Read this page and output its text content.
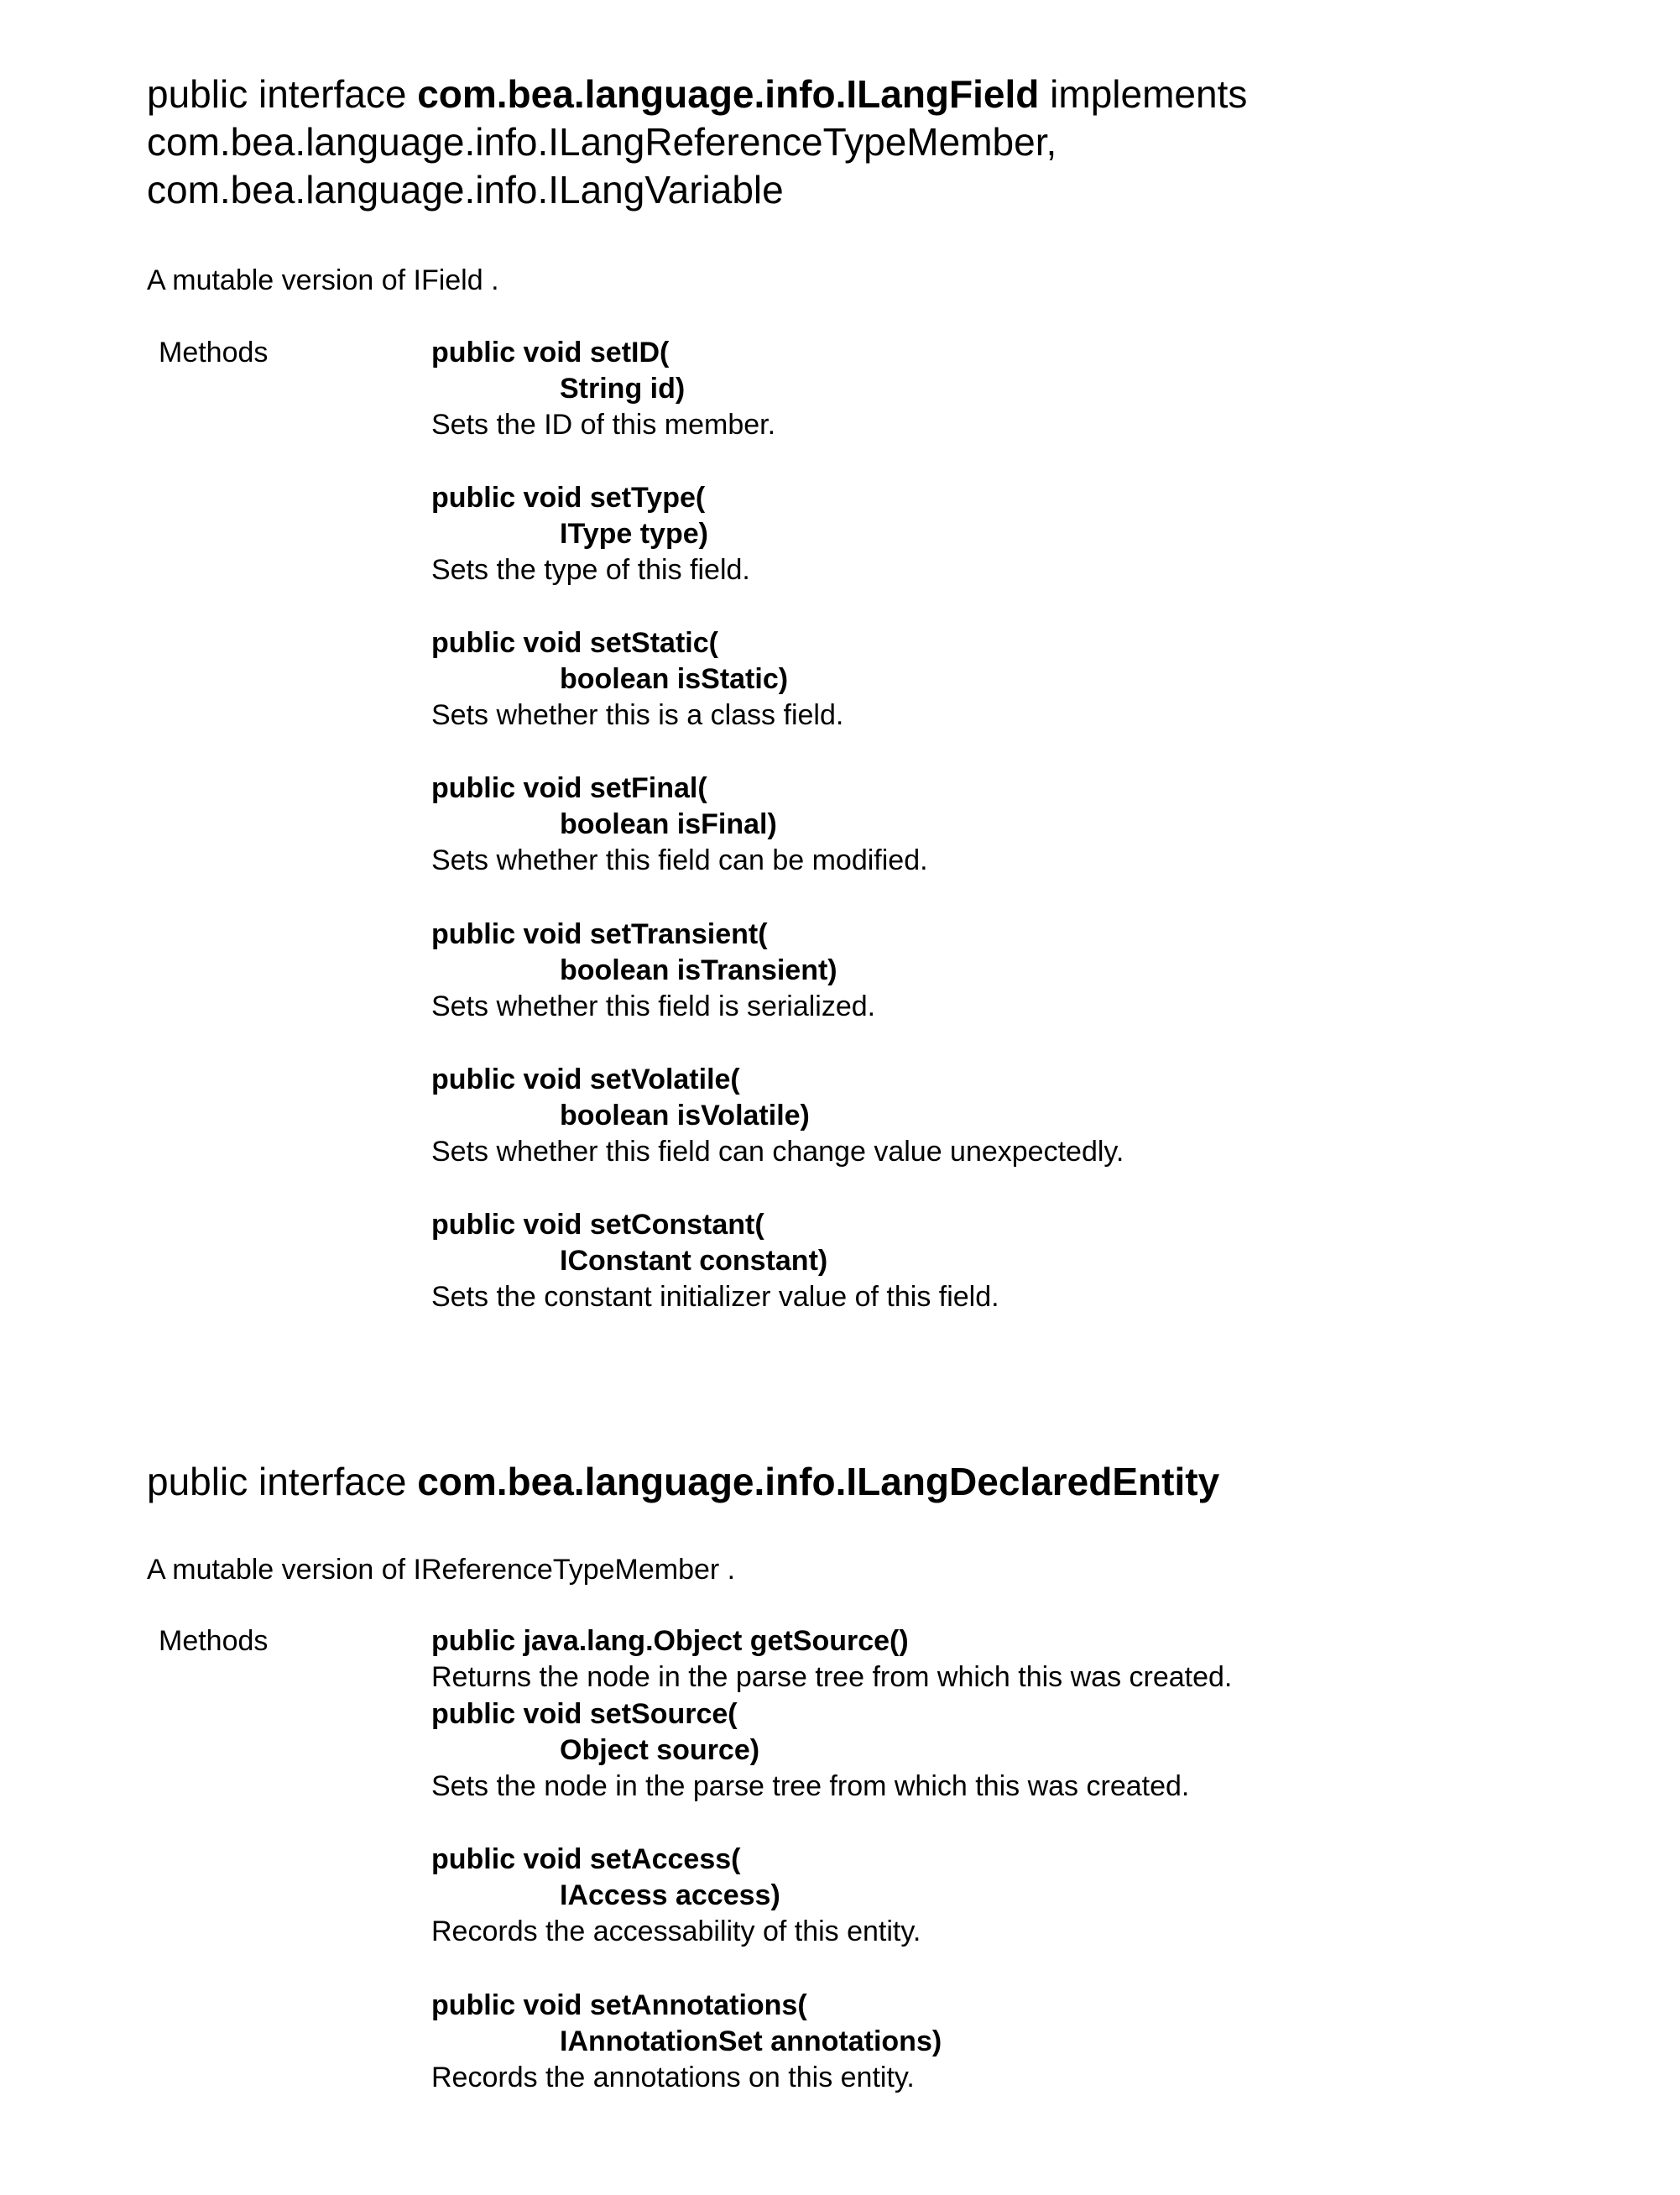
public interface com.bea.language.info.ILangField implements
com.bea.language.info.ILangReferenceTypeMember,
com.bea.language.info.ILangVariable
A mutable version of IField .
Methods	public void setID(
String id)
Sets the ID of this member.
public void setType(
IType type)
Sets the type of this field.
public void setStatic(
boolean isStatic)
Sets whether this is a class field.
public void setFinal(
boolean isFinal)
Sets whether this field can be modified.
public void setTransient(
boolean isTransient)
Sets whether this field is serialized.
public void setVolatile(
boolean isVolatile)
Sets whether this field can change value unexpectedly.
public void setConstant(
IConstant constant)
Sets the constant initializer value of this field.
public interface com.bea.language.info.ILangDeclaredEntity
A mutable version of IReferenceTypeMember .
Methods	public java.lang.Object getSource()
Returns the node in the parse tree from which this was created.
public void setSource(
Object source)
Sets the node in the parse tree from which this was created.
public void setAccess(
IAccess access)
Records the accessability of this entity.
public void setAnnotations(
IAnnotationSet annotations)
Records the annotations on this entity.
